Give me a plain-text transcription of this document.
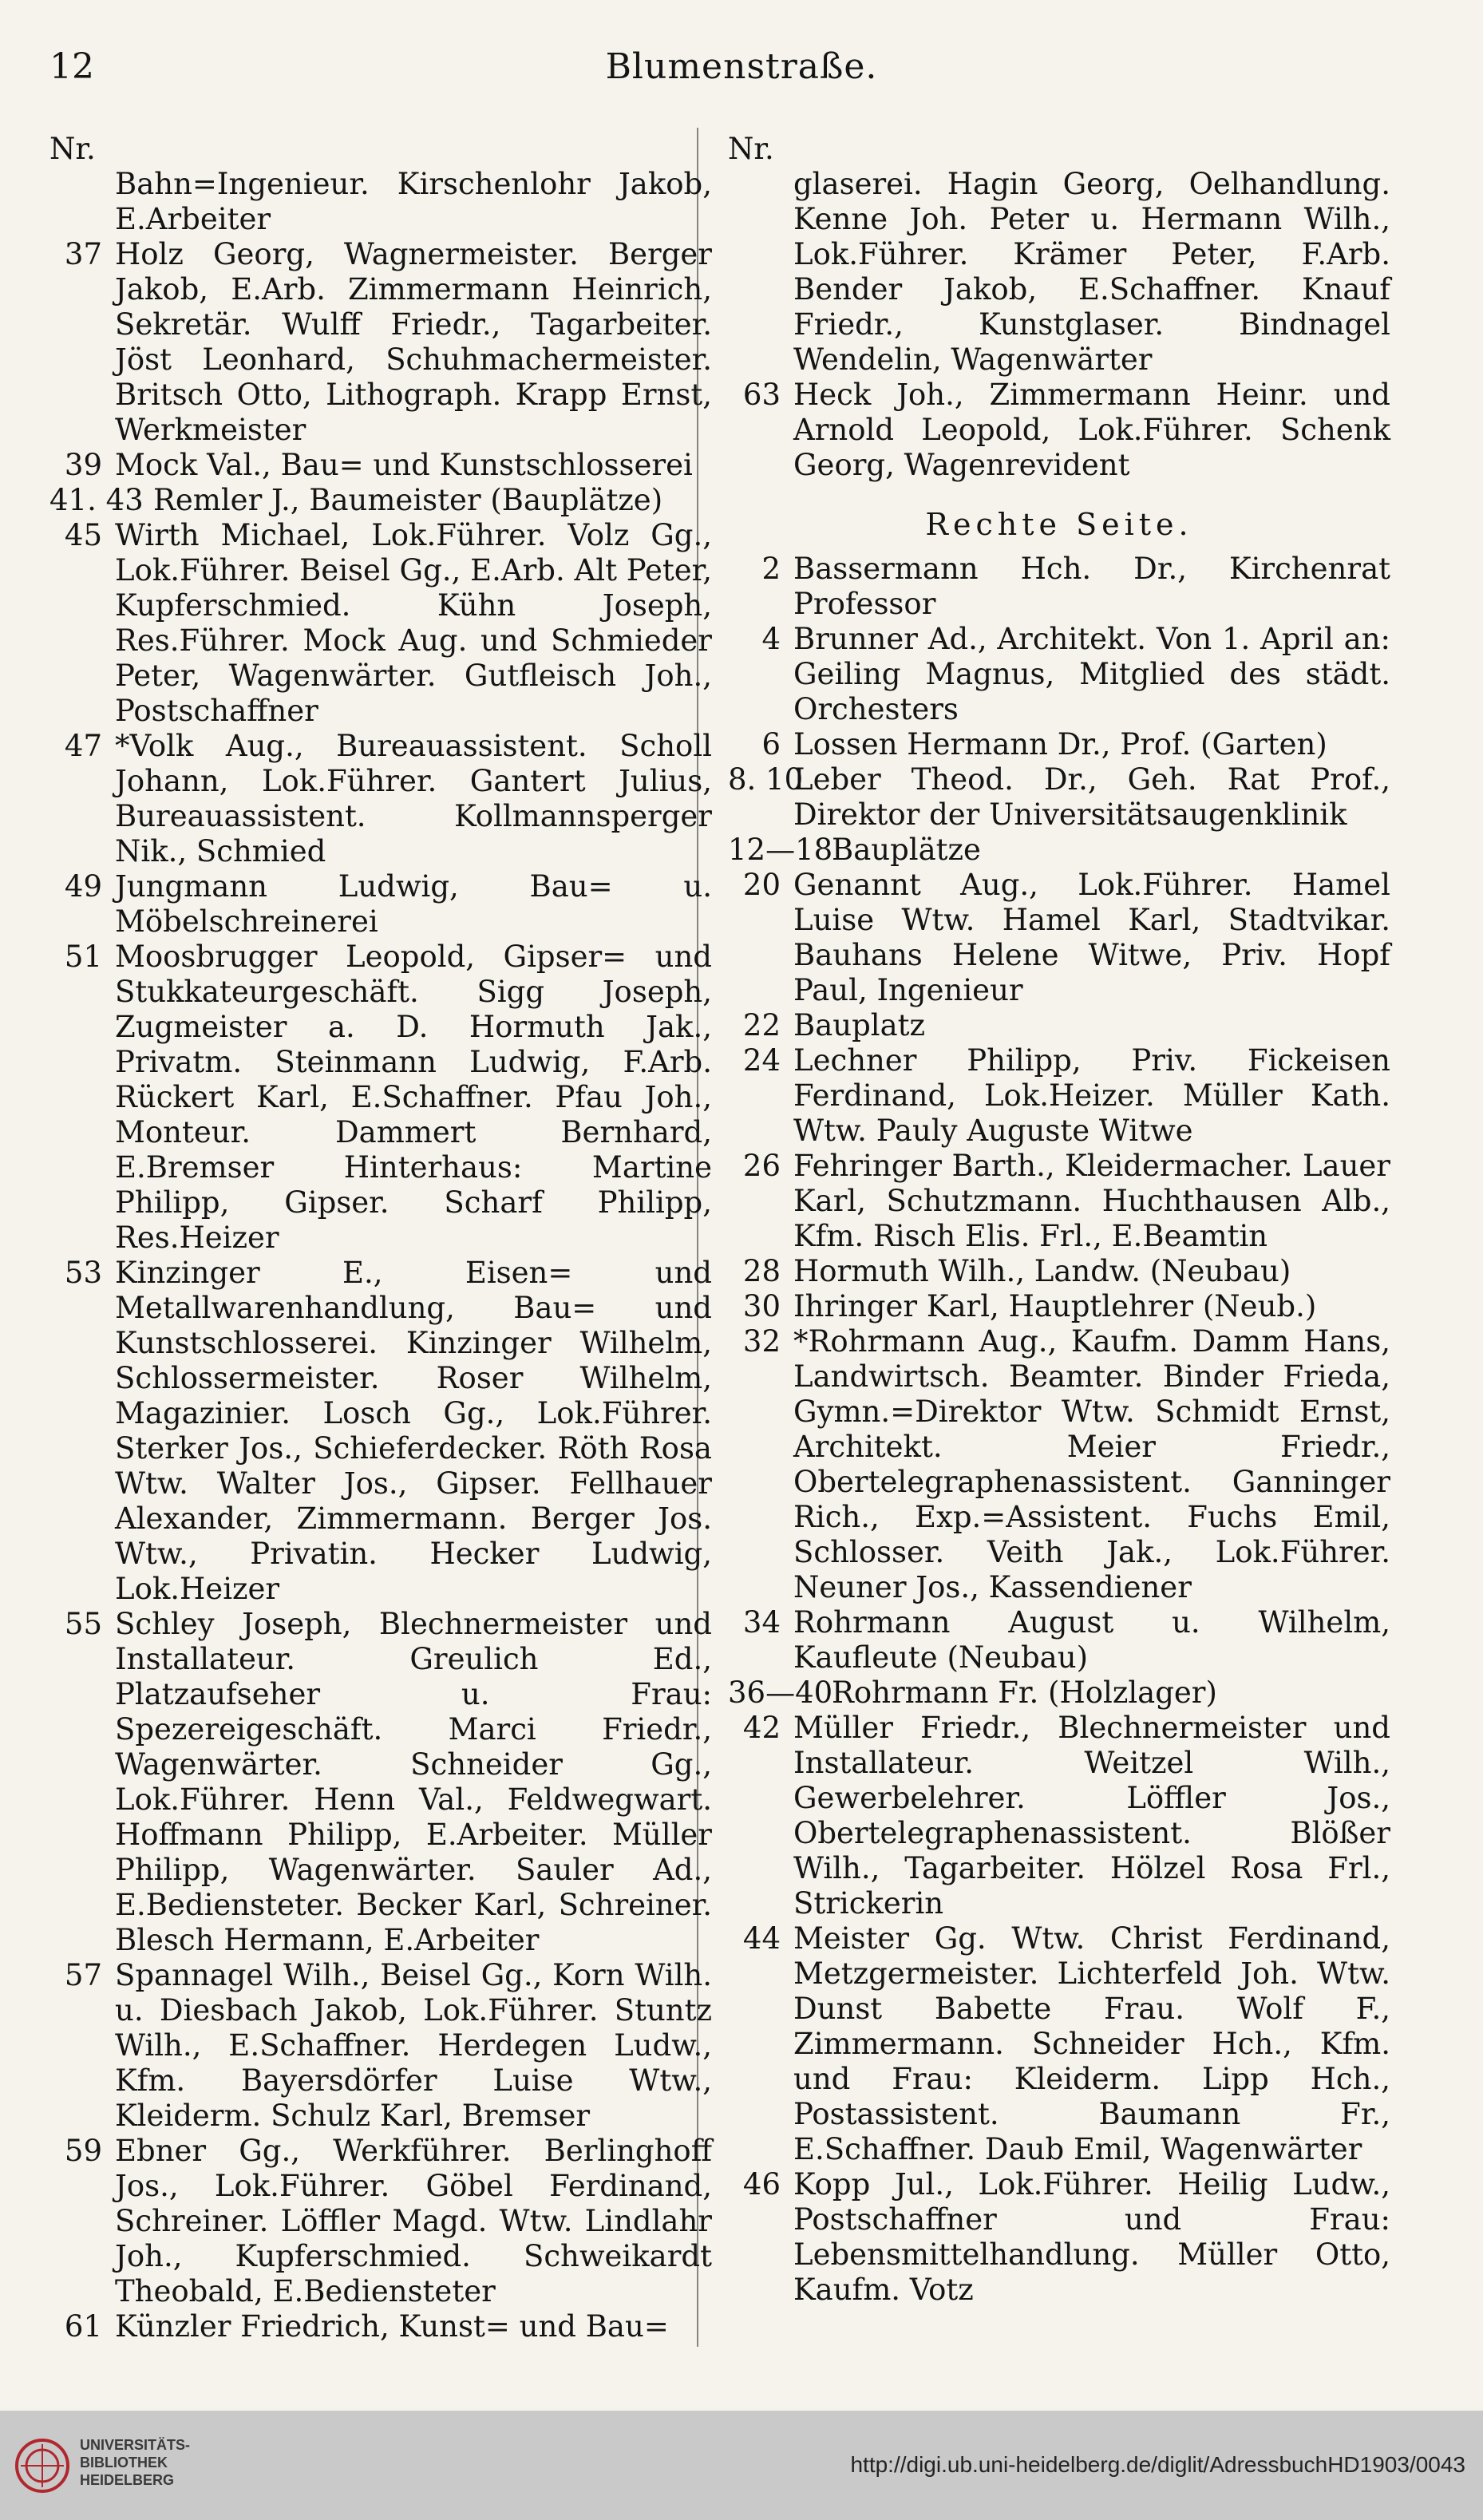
12	Blumenstraße.
Nr.
Bahn=Ingenieur. Kirschenlohr Jakob, E.Arbeiter
37 Holz Georg, Wagnermeister. Berger Jakob, E.Arb. Zimmermann Heinrich, Sekretär. Wulff Friedr., Tagarbeiter. Jöst Leonhard, Schuhmachermeister. Britsch Otto, Lithograph. Krapp Ernst, Werkmeister
39 Mock Val., Bau= und Kunstschlosserei
41. 43 Remler J., Baumeister (Bauplätze)
45 Wirth Michael, Lok.Führer. Volz Gg., Lok.Führer. Beisel Gg., E.Arb. Alt Peter, Kupferschmied. Kühn Joseph, Res.Führer. Mock Aug. und Schmieder Peter, Wagenwärter. Gutfleisch Joh., Postschaffner
47 *Volk Aug., Bureauassistent. Scholl Johann, Lok.Führer. Gantert Julius, Bureauassistent. Kollmannsperger Nik., Schmied
49 Jungmann Ludwig, Bau= u. Möbelschreinerei
51 Moosbrugger Leopold, Gipser= und Stukkateurgeschäft. Sigg Joseph, Zugmeister a. D. Hormuth Jak., Privatm. Steinmann Ludwig, F.Arb. Rückert Karl, E.Schaffner. Pfau Joh., Monteur. Dammert Bernhard, E.Bremser Hinterhaus: Martine Philipp, Gipser. Scharf Philipp, Res.Heizer
53 Kinzinger E., Eisen= und Metallwarenhandlung, Bau= und Kunstschlosserei. Kinzinger Wilhelm, Schlossermeister. Roser Wilhelm, Magazinier. Losch Gg., Lok.Führer. Sterker Jos., Schieferdecker. Röth Rosa Wtw. Walter Jos., Gipser. Fellhauer Alexander, Zimmermann. Berger Jos. Wtw., Privatin. Hecker Ludwig, Lok.Heizer
55 Schley Joseph, Blechnermeister und Installateur. Greulich Ed., Platzaufseher u. Frau: Spezereigeschäft. Marci Friedr., Wagenwärter. Schneider Gg., Lok.Führer. Henn Val., Feldwegwart. Hoffmann Philipp, E.Arbeiter. Müller Philipp, Wagenwärter. Sauler Ad., E.Bediensteter. Becker Karl, Schreiner. Blesch Hermann, E.Arbeiter
57 Spannagel Wilh., Beisel Gg., Korn Wilh. u. Diesbach Jakob, Lok.Führer. Stuntz Wilh., E.Schaffner. Herdegen Ludw., Kfm. Bayersdörfer Luise Wtw., Kleiderm. Schulz Karl, Bremser
59 Ebner Gg., Werkführer. Berlinghoff Jos., Lok.Führer. Göbel Ferdinand, Schreiner. Löffler Magd. Wtw. Lindlahr Joh., Kupferschmied. Schweikardt Theobald, E.Bediensteter
61 Künzler Friedrich, Kunst= und Bau=
Nr.
glaserei. Hagin Georg, Oelhandlung. Kenne Joh. Peter u. Hermann Wilh., Lok.Führer. Krämer Peter, F.Arb. Bender Jakob, E.Schaffner. Knauf Friedr., Kunstglaser. Bindnagel Wendelin, Wagenwärter
63 Heck Joh., Zimmermann Heinr. und Arnold Leopold, Lok.Führer. Schenk Georg, Wagenrevident
Rechte Seite.
2 Bassermann Hch. Dr., Kirchenrat Professor
4 Brunner Ad., Architekt. Von 1. April an: Geiling Magnus, Mitglied des städt. Orchesters
6 Lossen Hermann Dr., Prof. (Garten)
8. 10
Leber Theod. Dr., Geh. Rat Prof., Direktor der Universitätsaugenklinik
12—18
Bauplätze
20 Genannt Aug., Lok.Führer. Hamel Luise Wtw. Hamel Karl, Stadtvikar. Bauhans Helene Witwe, Priv. Hopf Paul, Ingenieur
22 Bauplatz
24 Lechner Philipp, Priv. Fickeisen Ferdinand, Lok.Heizer. Müller Kath. Wtw. Pauly Auguste Witwe
26 Fehringer Barth., Kleidermacher. Lauer Karl, Schutzmann. Huchthausen Alb., Kfm. Risch Elis. Frl., E.Beamtin
28 Hormuth Wilh., Landw. (Neubau)
30 Ihringer Karl, Hauptlehrer (Neub.)
32 *Rohrmann Aug., Kaufm. Damm Hans, Landwirtsch. Beamter. Binder Frieda, Gymn.=Direktor Wtw. Schmidt Ernst, Architekt. Meier Friedr., Obertelegraphenassistent. Ganninger Rich., Exp.=Assistent. Fuchs Emil, Schlosser. Veith Jak., Lok.Führer. Neuner Jos., Kassendiener
34 Rohrmann August u. Wilhelm, Kaufleute (Neubau)
36—40
Rohrmann Fr. (Holzlager)
42 Müller Friedr., Blechnermeister und Installateur. Weitzel Wilh., Gewerbelehrer. Löffler Jos., Obertelegraphenassistent. Blößer Wilh., Tagarbeiter. Hölzel Rosa Frl., Strickerin
44 Meister Gg. Wtw. Christ Ferdinand, Metzgermeister. Lichterfeld Joh. Wtw. Dunst Babette Frau. Wolf F., Zimmermann. Schneider Hch., Kfm. und Frau: Kleiderm. Lipp Hch., Postassistent. Baumann Fr., E.Schaffner. Daub Emil, Wagenwärter
46 Kopp Jul., Lok.Führer. Heilig Ludw., Postschaffner und Frau: Lebensmittelhandlung. Müller Otto, Kaufm. Votz
UNIVERSITÄTS-
BIBLIOTHEK
HEIDELBERG
http://digi.ub.uni-heidelberg.de/diglit/AdressbuchHD1903/0043
